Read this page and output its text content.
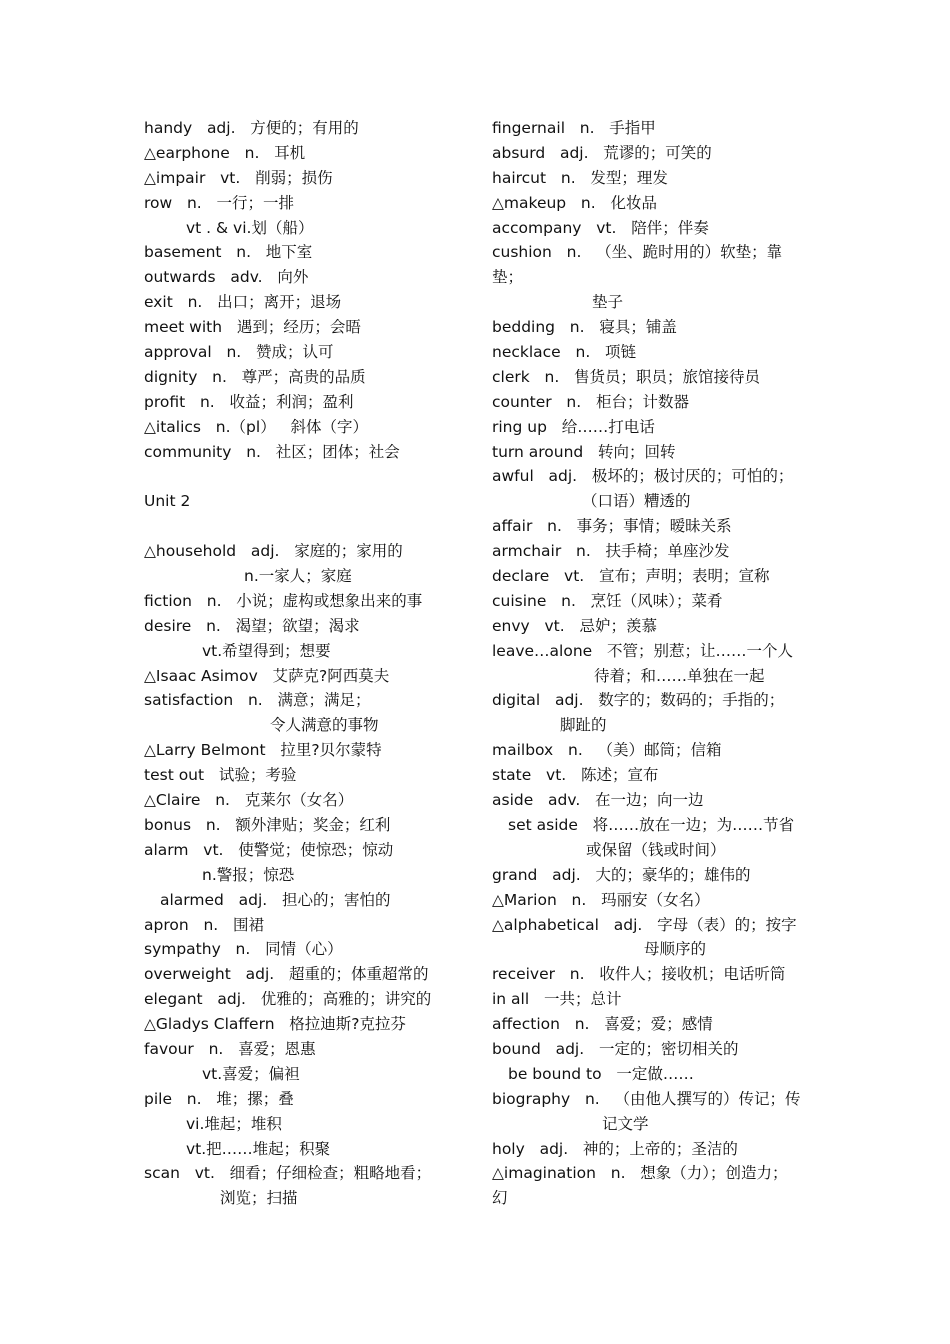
handy   adj.   方便的；有用的
△earphone   n.   耳机
△impair   vt.   削弱；损伤
row   n.   一行；一排
vt . & vi.划（船）
basement   n.   地下室
outwards   adv.   向外
exit   n.   出口；离开；退场
meet with   遇到；经历；会晤
approval   n.   赞成；认可
dignity   n.   尊严；高贵的品质
profit   n.   收益；利润；盈利
△italics   n.（pl）   斜体（字）
community   n.   社区；团体；社会
Unit 2
△household   adj.   家庭的；家用的
n.一家人；家庭
fiction   n.   小说；虚构或想象出来的事
desire   n.   渴望；欲望；渴求
vt.希望得到；想要
△Isaac Asimov   艾萨克?阿西莫夫
satisfaction   n.   满意；满足；
令人满意的事物
△Larry Belmont   拉里?贝尔蒙特
test out   试验；考验
△Claire   n.   克莱尔（女名）
bonus   n.   额外津贴；奖金；红利
alarm   vt.   使警觉；使惊恐；惊动
n.警报；惊恐
alarmed   adj.   担心的；害怕的
apron   n.   围裙
sympathy   n.   同情（心）
overweight   adj.   超重的；体重超常的
elegant   adj.   优雅的；高雅的；讲究的
△Gladys Claffern   格拉迪斯?克拉芬
favour   n.   喜爱；恩惠
vt.喜爱；偏袒
pile   n.   堆；摞；叠
vi.堆起；堆积
vt.把……堆起；积聚
scan   vt.   细看；仔细检查；粗略地看；
浏览；扫描
fingernail   n.   手指甲
absurd   adj.   荒谬的；可笑的
haircut   n.   发型；理发
△makeup   n.   化妆品
accompany   vt.   陪伴；伴奏
cushion   n.   （坐、跪时用的）软垫；靠
垫；
垫子
bedding   n.   寝具；铺盖
necklace   n.   项链
clerk   n.   售货员；职员；旅馆接待员
counter   n.   柜台；计数器
ring up   给……打电话
turn around   转向；回转
awful   adj.   极坏的；极讨厌的；可怕的；
（口语）糟透的
affair   n.   事务；事情；暧昧关系
armchair   n.   扶手椅；单座沙发
declare   vt.   宣布；声明；表明；宣称
cuisine   n.   烹饪（风味）；菜肴
envy   vt.   忌妒；羡慕
leave…alone   不管；别惹；让……一个人
待着；和……单独在一起
digital   adj.   数字的；数码的；手指的；
脚趾的
mailbox   n.   （美）邮筒；信箱
state   vt.   陈述；宣布
aside   adv.   在一边；向一边
set aside   将……放在一边；为……节省
或保留（钱或时间）
grand   adj.   大的；豪华的；雄伟的
△Marion   n.   玛丽安（女名）
△alphabetical   adj.   字母（表）的；按字
母顺序的
receiver   n.   收件人；接收机；电话听筒
in all   一共；总计
affection   n.   喜爱；爱；感情
bound   adj.   一定的；密切相关的
be bound to   一定做……
biography   n.   （由他人撰写的）传记；传
记文学
holy   adj.   神的；上帝的；圣洁的
△imagination   n.   想象（力）；创造力；
幻
